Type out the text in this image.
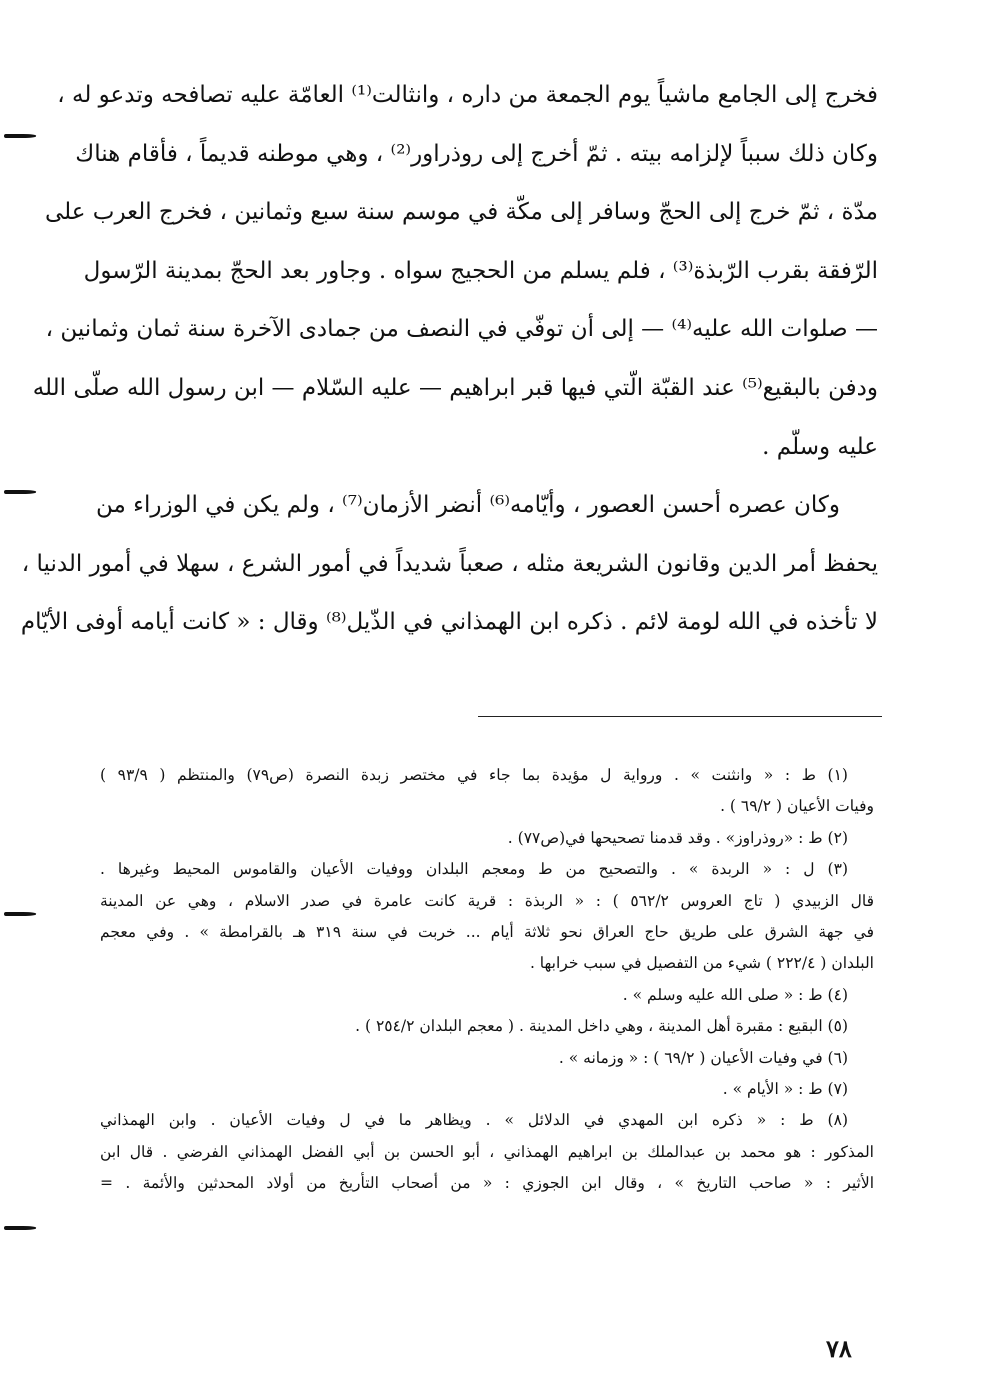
فخرج إلى الجامع ماشياً يوم الجمعة من داره ، وانثالت⁽¹⁾ العامّة عليه تصافحه وتدعو له ،
وكان ذلك سبباً لإلزامه بيته . ثمّ أخرج إلى روذراور⁽²⁾ ، وهي موطنه قديماً ، فأقام هناك
مدّة ، ثمّ خرج إلى الحجّ وسافر إلى مكّة في موسم سنة سبع وثمانين ، فخرج العرب على
الرّفقة بقرب الرّبذة⁽³⁾ ، فلم يسلم من الحجيج سواه . وجاور بعد الحجّ بمدينة الرّسول
— صلوات الله عليه⁽⁴⁾ — إلى أن توفّي في النصف من جمادى الآخرة سنة ثمان وثمانين ،
ودفن بالبقيع⁽⁵⁾ عند القبّة الّتي فيها قبر ابراهيم — عليه السّلام — ابن رسول الله صلّى الله
عليه وسلّم .
وكان عصره أحسن العصور ، وأيّامه⁽⁶⁾ أنضر الأزمان⁽⁷⁾ ، ولم يكن في الوزراء من
يحفظ أمر الدين وقانون الشريعة مثله ، صعباً شديداً في أمور الشرع ، سهلا في أمور الدنيا ،
لا تأخذه في الله لومة لائم . ذكره ابن الهمذاني في الذّيل⁽⁸⁾ وقال : « كانت أيامه أوفى الأيّام
(١) ط : « وانثنت » . ورواية ل مؤيدة بما جاء في مختصر زبدة النصرة (ص٧٩) والمنتظم ( ٩٣/٩ )
وفيات الأعيان ( ٦٩/٢ ) .
(٢) ط : «روذراوز» . وقد قدمنا تصحيحها في(ص٧٧) .
(٣) ل : « الربدة » . والتصحيح من ط ومعجم البلدان ووفيات الأعيان والقاموس المحيط وغيرها .
قال الزبيدي ( تاج العروس ٥٦٢/٢ ) : « الربذة : قرية كانت عامرة في صدر الاسلام ، وهي عن المدينة
في جهة الشرق على طريق حاج العراق نحو ثلاثة أيام ... خربت في سنة ٣١٩ هـ بالقرامطة » . وفي معجم
البلدان ( ٢٢٢/٤ ) شيء من التفصيل في سبب خرابها .
(٤) ط : « صلى الله عليه وسلم » .
(٥) البقيع : مقبرة أهل المدينة ، وهي داخل المدينة . ( معجم البلدان ٢٥٤/٢ ) .
(٦) في وفيات الأعيان ( ٦٩/٢ ) : « وزمانه » .
(٧) ط : « الأيام » .
(٨) ط : « ذكره ابن المهدي في الدلائل » . ويظاهر ما في ل وفيات الأعيان . وابن الهمذاني
المذكور : هو محمد بن عبدالملك بن ابراهيم الهمذاني ، أبو الحسن بن أبي الفضل الهمذاني الفرضي . قال ابن
الأثير : « صاحب التاريخ » ، وقال ابن الجوزي : « من أصحاب التأريخ من أولاد المحدثين والأئمة . =
٧٨
